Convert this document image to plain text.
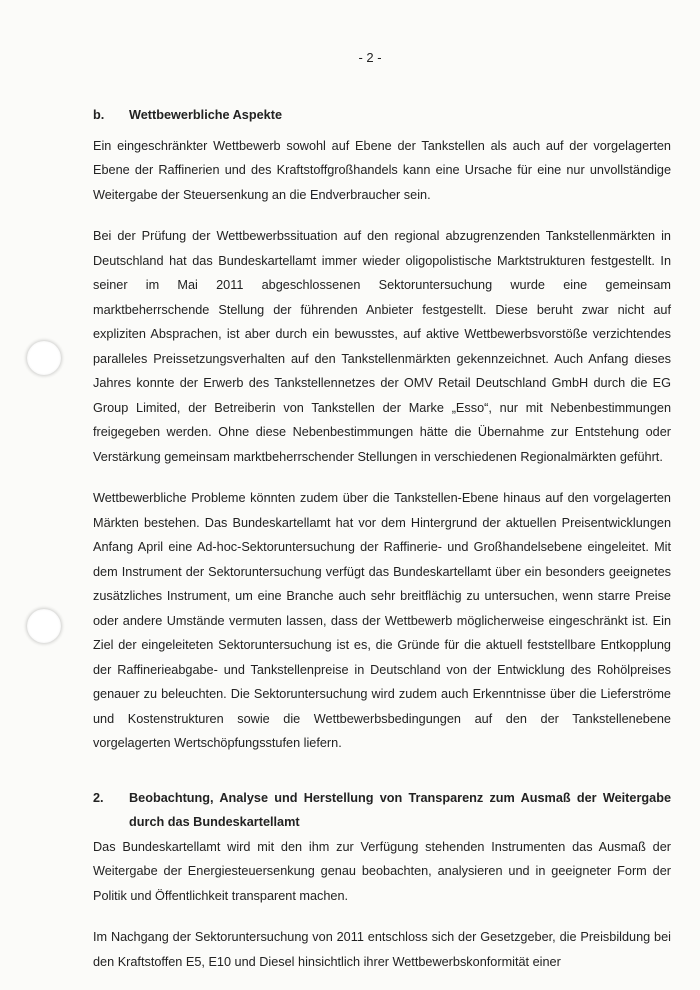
- 2 -
b.	Wettbewerbliche Aspekte

Ein eingeschränkter Wettbewerb sowohl auf Ebene der Tankstellen als auch auf der vorgelagerten Ebene der Raffinerien und des Kraftstoffgroßhandels kann eine Ursache für eine nur unvollständige Weitergabe der Steuersenkung an die Endverbraucher sein.

Bei der Prüfung der Wettbewerbssituation auf den regional abzugrenzenden Tankstellenmärkten in Deutschland hat das Bundeskartellamt immer wieder oligopolistische Marktstrukturen festgestellt. In seiner im Mai 2011 abgeschlossenen Sektoruntersuchung wurde eine gemeinsam marktbeherrschende Stellung der führenden Anbieter festgestellt. Diese beruht zwar nicht auf expliziten Absprachen, ist aber durch ein bewusstes, auf aktive Wettbewerbsvorstöße verzichtendes paralleles Preissetzungsverhalten auf den Tankstellenmärkten gekennzeichnet. Auch Anfang dieses Jahres konnte der Erwerb des Tankstellennetzes der OMV Retail Deutschland GmbH durch die EG Group Limited, der Betreiberin von Tankstellen der Marke „Esso“, nur mit Nebenbestimmungen freigegeben werden. Ohne diese Nebenbestimmungen hätte die Übernahme zur Entstehung oder Verstärkung gemeinsam marktbeherrschender Stellungen in verschiedenen Regionalmärkten geführt.

Wettbewerbliche Probleme könnten zudem über die Tankstellen-Ebene hinaus auf den vorgelagerten Märkten bestehen. Das Bundeskartellamt hat vor dem Hintergrund der aktuellen Preisentwicklungen Anfang April eine Ad-hoc-Sektoruntersuchung der Raffinerie- und Großhandelsebene eingeleitet. Mit dem Instrument der Sektoruntersuchung verfügt das Bundeskartellamt über ein besonders geeignetes zusätzliches Instrument, um eine Branche auch sehr breitflächig zu untersuchen, wenn starre Preise oder andere Umstände vermuten lassen, dass der Wettbewerb möglicherweise eingeschränkt ist. Ein Ziel der eingeleiteten Sektoruntersuchung ist es, die Gründe für die aktuell feststellbare Entkopplung der Raffinerieabgabe- und Tankstellenpreise in Deutschland von der Entwicklung des Rohölpreises genauer zu beleuchten. Die Sektoruntersuchung wird zudem auch Erkenntnisse über die Lieferströme und Kostenstrukturen sowie die Wettbewerbsbedingungen auf den der Tankstellenebene vorgelagerten Wertschöpfungsstufen liefern.

2.	Beobachtung, Analyse und Herstellung von Transparenz zum Ausmaß der Weitergabe durch das Bundeskartellamt

Das Bundeskartellamt wird mit den ihm zur Verfügung stehenden Instrumenten das Ausmaß der Weitergabe der Energiesteuersenkung genau beobachten, analysieren und in geeigneter Form der Politik und Öffentlichkeit transparent machen.

Im Nachgang der Sektoruntersuchung von 2011 entschloss sich der Gesetzgeber, die Preisbildung bei den Kraftstoffen E5, E10 und Diesel hinsichtlich ihrer Wettbewerbskonformität einer
